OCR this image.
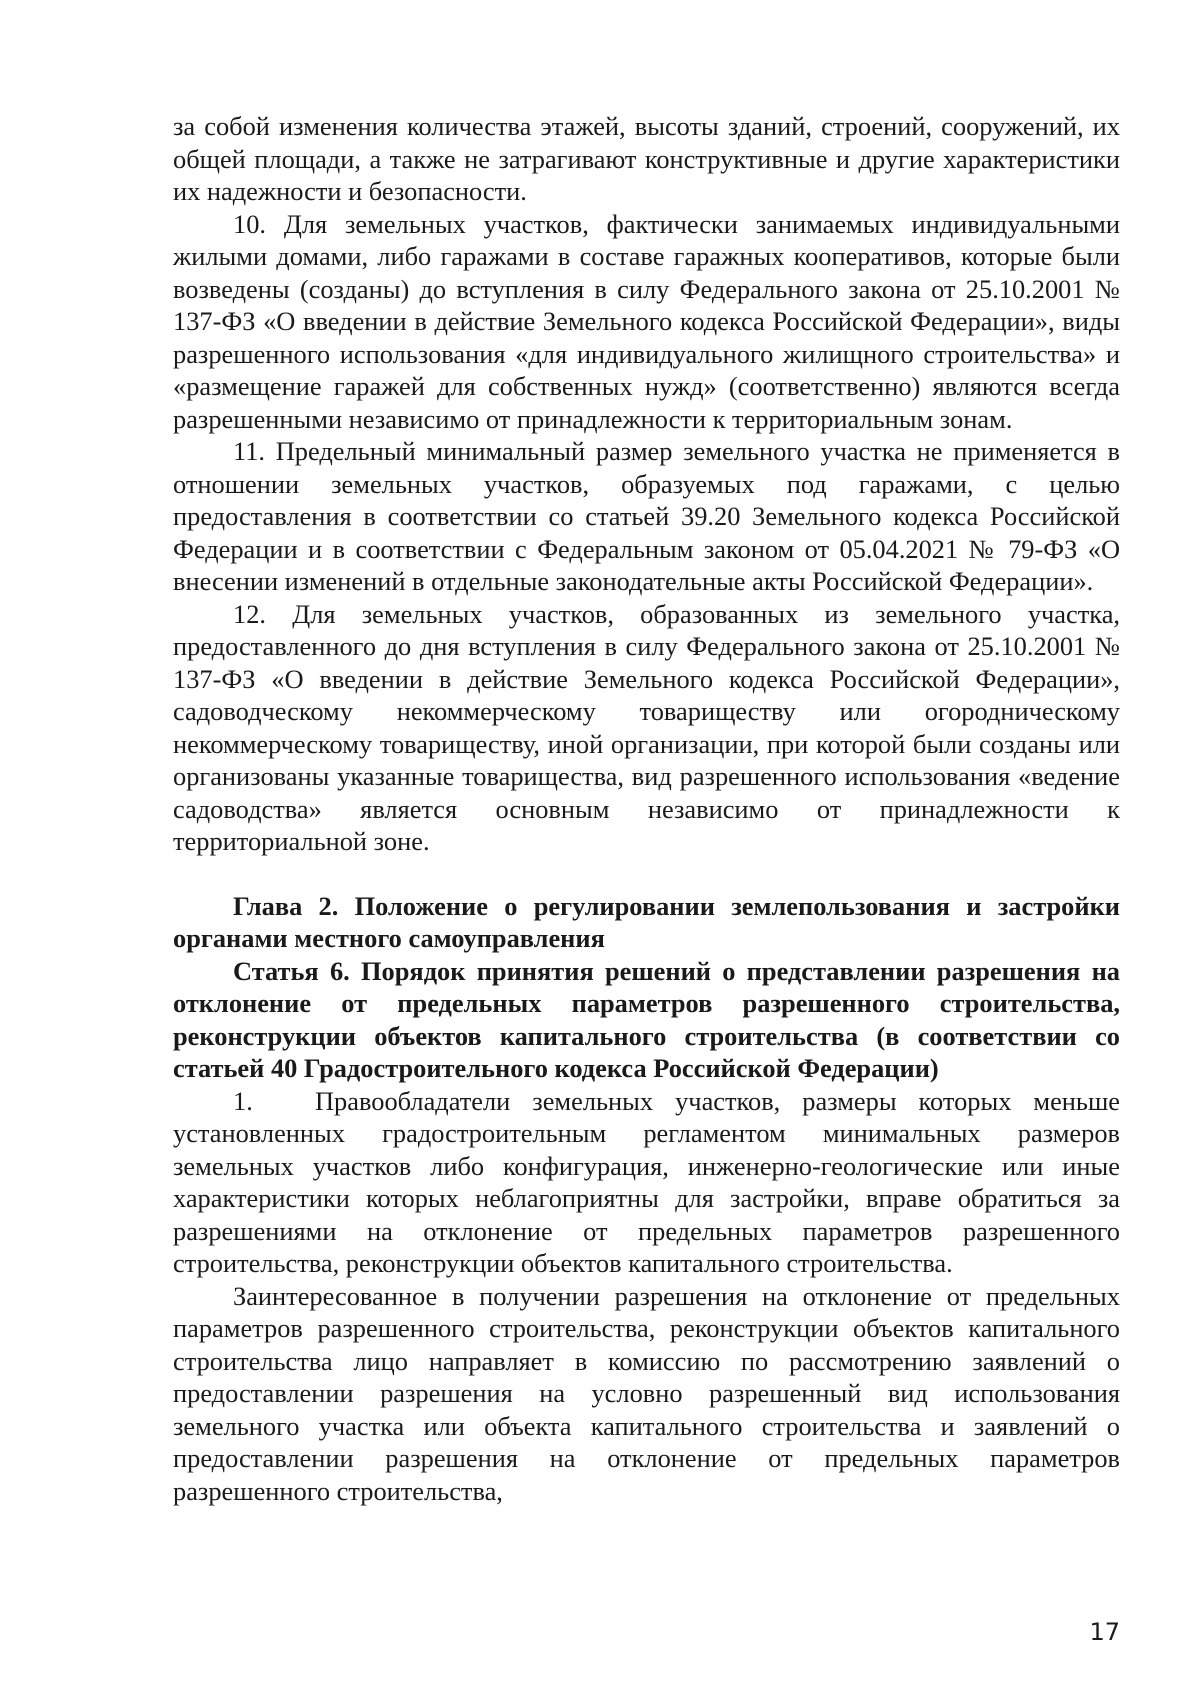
за собой изменения количества этажей, высоты зданий, строений, сооружений, их общей площади, а также не затрагивают конструктивные и другие характеристики их надежности и безопасности.

10. Для земельных участков, фактически занимаемых индивидуальными жилыми домами, либо гаражами в составе гаражных кооперативов, которые были возведены (созданы) до вступления в силу Федерального закона от 25.10.2001 № 137-ФЗ «О введении в действие Земельного кодекса Российской Федерации», виды разрешенного использования «для индивидуального жилищного строительства» и «размещение гаражей для собственных нужд» (соответственно) являются всегда разрешенными независимо от принадлежности к территориальным зонам.

11. Предельный минимальный размер земельного участка не применяется в отношении земельных участков, образуемых под гаражами, с целью предоставления в соответствии со статьей 39.20 Земельного кодекса Российской Федерации и в соответствии с Федеральным законом от 05.04.2021 № 79-ФЗ «О внесении изменений в отдельные законодательные акты Российской Федерации».

12. Для земельных участков, образованных из земельного участка, предоставленного до дня вступления в силу Федерального закона от 25.10.2001 № 137-ФЗ «О введении в действие Земельного кодекса Российской Федерации», садоводческому некоммерческому товариществу или огородническому некоммерческому товариществу, иной организации, при которой были созданы или организованы указанные товарищества, вид разрешенного использования «ведение садоводства» является основным независимо от принадлежности к территориальной зоне.

Глава 2. Положение о регулировании землепользования и застройки органами местного самоуправления

Статья 6. Порядок принятия решений о представлении разрешения на отклонение от предельных параметров разрешенного строительства, реконструкции объектов капитального строительства (в соответствии со статьей 40 Градостроительного кодекса Российской Федерации)

1. Правообладатели земельных участков, размеры которых меньше установленных градостроительным регламентом минимальных размеров земельных участков либо конфигурация, инженерно-геологические или иные характеристики которых неблагоприятны для застройки, вправе обратиться за разрешениями на отклонение от предельных параметров разрешенного строительства, реконструкции объектов капитального строительства.

Заинтересованное в получении разрешения на отклонение от предельных параметров разрешенного строительства, реконструкции объектов капитального строительства лицо направляет в комиссию по рассмотрению заявлений о предоставлении разрешения на условно разрешенный вид использования земельного участка или объекта капитального строительства и заявлений о предоставлении разрешения на отклонение от предельных параметров разрешенного строительства,

17
